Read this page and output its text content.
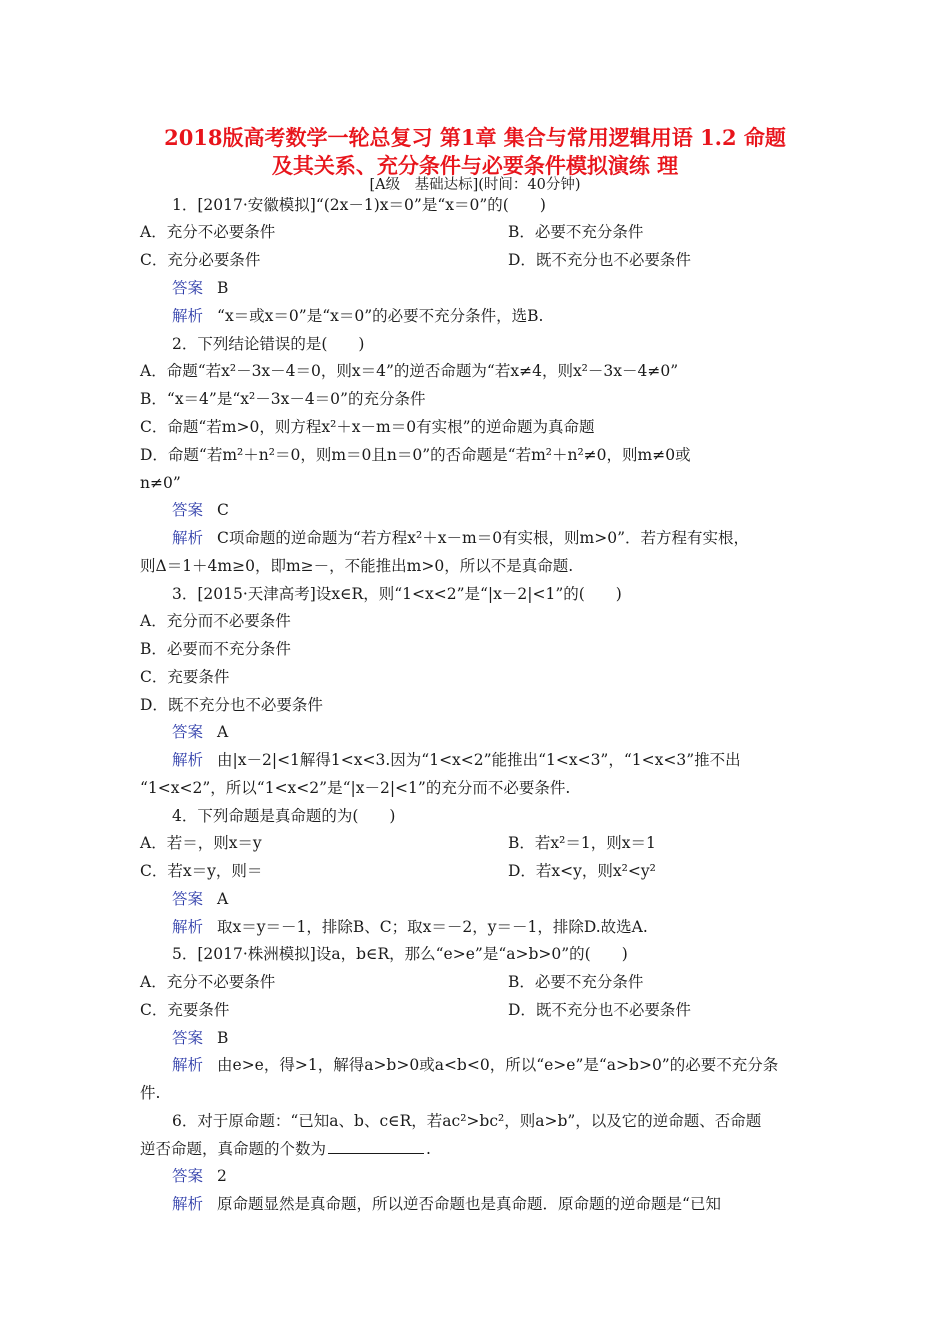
2018版高考数学一轮总复习 第1章 集合与常用逻辑用语 1.2 命题
及其关系、充分条件与必要条件模拟演练 理
[A级　基础达标](时间：40分钟)
1．[2017·安徽模拟]“(2x－1)x＝0”是“x＝0”的(　　)
A．充分不必要条件	B．必要不充分条件
C．充分必要条件	D．既不充分也不必要条件
答案 B
解析 “x＝或x＝0”是“x＝0”的必要不充分条件，选B.
2．下列结论错误的是(　　)
A．命题“若x²－3x－4＝0，则x＝4”的逆否命题为“若x≠4，则x²－3x－4≠0”
B．“x＝4”是“x²－3x－4＝0”的充分条件
C．命题“若m>0，则方程x²＋x－m＝0有实根”的逆命题为真命题
D．命题“若m²＋n²＝0，则m＝0且n＝0”的否命题是“若m²＋n²≠0，则m≠0或
n≠0”
答案 C
解析 C项命题的逆命题为“若方程x²＋x－m＝0有实根，则m>0”．若方程有实根，
则Δ＝1＋4m≥0，即m≥－，不能推出m>0，所以不是真命题.
3．[2015·天津高考]设x∈R，则“1<x<2”是“|x－2|<1”的(　　)
A．充分而不必要条件
B．必要而不充分条件
C．充要条件
D．既不充分也不必要条件
答案 A
解析 由|x－2|<1解得1<x<3.因为“1<x<2”能推出“1<x<3”，“1<x<3”推不出
“1<x<2”，所以“1<x<2”是“|x－2|<1”的充分而不必要条件.
4．下列命题是真命题的为(　　)
A．若＝，则x＝y	B．若x²＝1，则x＝1
C．若x＝y，则＝	D．若x<y，则x²<y²
答案 A
解析 取x＝y＝－1，排除B、C；取x＝－2，y＝－1，排除D.故选A.
5．[2017·株洲模拟]设a，b∈R，那么“e>e”是“a>b>0”的(　　)
A．充分不必要条件	B．必要不充分条件
C．充要条件	D．既不充分也不必要条件
答案 B
解析 由e>e，得>1，解得a>b>0或a<b<0，所以“e>e”是“a>b>0”的必要不充分条
件.
6．对于原命题：“已知a、b、c∈R，若ac²>bc²，则a>b”，以及它的逆命题、否命题
逆否命题，真命题的个数为	.
答案 2
解析 原命题显然是真命题，所以逆否命题也是真命题．原命题的逆命题是“已知
